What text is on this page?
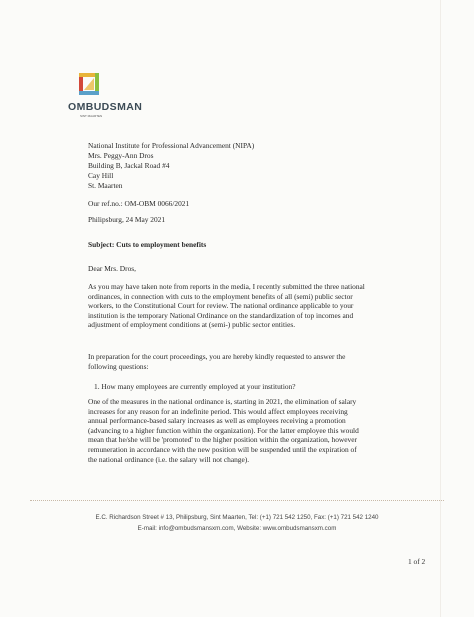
OMBUDSMAN
SINT MAARTEN
National Institute for Professional Advancement (NIPA)
Mrs. Peggy-Ann Dros
Building B, Jackal Road #4
Cay Hill
St. Maarten
Our ref.no.: OM-OBM 0066/2021
Philipsburg, 24 May 2021
Subject: Cuts to employment benefits
Dear Mrs. Dros,
As you may have taken note from reports in the media, I recently submitted the three national
ordinances, in connection with cuts to the employment benefits of all (semi) public sector
workers, to the Constitutional Court for review. The national ordinance applicable to your
institution is the temporary National Ordinance on the standardization of top incomes and
adjustment of employment conditions at (semi-) public sector entities.
In preparation for the court proceedings, you are hereby kindly requested to answer the
following questions:
1. How many employees are currently employed at your institution?
One of the measures in the national ordinance is, starting in 2021, the elimination of salary
increases for any reason for an indefinite period. This would affect employees receiving
annual performance-based salary increases as well as employees receiving a promotion
(advancing to a higher function within the organization). For the latter employee this would
mean that he/she will be 'promoted' to the higher position within the organization, however
remuneration in accordance with the new position will be suspended until the expiration of
the national ordinance (i.e. the salary will not change).
E.C. Richardson Street # 13, Philipsburg, Sint Maarten, Tel: (+1) 721 542 1250, Fax: (+1) 721 542 1240
E-mail: info@ombudsmansxm.com, Website: www.ombudsmansxm.com
1 of 2
